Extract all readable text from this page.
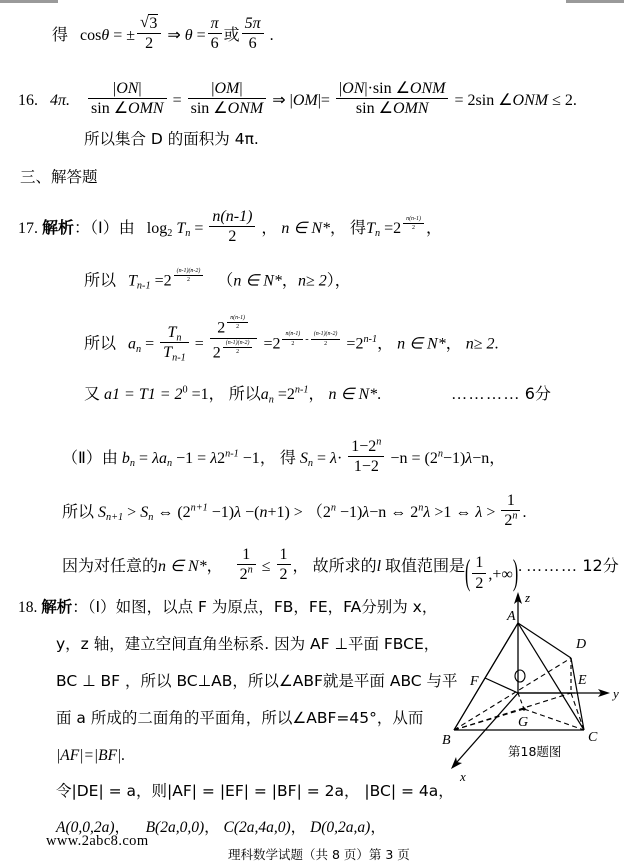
得 cosθ = ± √ $\frac{3}{2}$ ⇒ $\theta = \frac{\pi}{6}$ 或 $\frac{5\pi}{6}$ .
16. 4π. $\frac{|ON|}{\text{sin ∠OMN}} = \frac{|OM|}{\text{sin ∠ONM}}$ ⇒ $|OM|= \frac{\text{|ON|·sin ∠ONM}}{\text{sin ∠OMN}} = 2\sin$ ∠ONM ≤ 2.
所以集合 D 的面积为 4π.
三、解答题
17. 解析：（Ⅰ）由 $\log_2 T_n = \frac{n(n-1)}{2}$ ， n ∈ N*， 得$T_n =2$ $^{\frac{n(n-1)}{2}}$ ，
所以 $T_{n-1} =2$ $^{\frac{(n-1)(n-2)}{2}}$ （n ∈ N*，n≥ 2），
所以 $a_n = \frac{T_n}{T_{n-1}} = 2$ $^{\frac{n(n-1)}{2}}$
2 $^{\frac{(n-1)(n-2)}{2}}$ =2 $^{\frac{n(n-1)}{2} - \frac{(n-1)(n-2)}{2}} =2^{n-1}$， n ∈ N*， n≥ 2.
又 $a1 = T1 = 2^0 =1$， 所以$a_n =2^{n-1}$， n ∈ N*.	………… 6分
（Ⅱ）由 $b_n = \lambda a_n -1 = \lambda 2^{n-1} -1$， 得 $S_n = \lambda\cdot \frac{1-2^n}{1-2} -n = (2^n-1)\lambda-n$，
所以 $S_{n+1} > S_n$ ⇔ $(2^{n+1} -1)\lambda -(n+1) > (2^n -1)\lambda-n$ ⇔ $2^n\lambda >1$ ⇔ $\lambda > \frac{1}{2^n}$ .
因为对任意的n ∈ N*， $\frac{1}{2^n} \le \frac{1}{2}$ ， 故所求的l 取值范围是( $\frac{1}{2}$ ,+∞). ……… 12分
18. 解析：（Ⅰ）如图，以点 F 为原点，FB，FE，FA分别为 x，
y，z 轴，建立空间直角坐标系. 因为 AF ⊥平面 FBCE，
BC ⊥ BF ，所以 BC⊥AB，所以∠ABF就是平面 ABC 与平
面 a 所成的二面角的平面角，所以∠ABF=45°，从而
|AF|=|BF|.
令|DE| = a，则|AF| = |EF| = |BF| = 2a， |BC| = 4a，
A(0,0,2a)， B(2a,0,0)， C(2a,4a,0)， D(0,2a,a)，
A
B	C
D
E
F
G
x
y
z
第18题图
www.2abc8.com
理科数学试题（共 8 页）第 3 页
